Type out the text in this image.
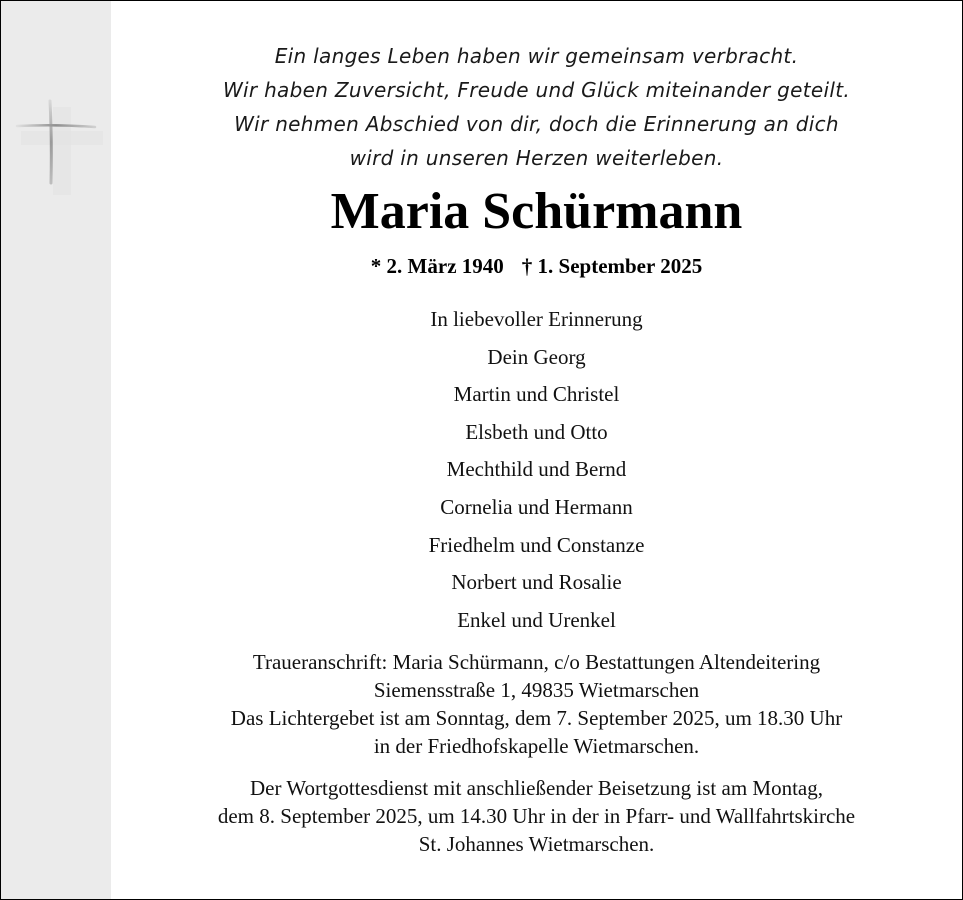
Ein langes Leben haben wir gemeinsam verbracht.
Wir haben Zuversicht, Freude und Glück miteinander geteilt.
Wir nehmen Abschied von dir, doch die Erinnerung an dich
wird in unseren Herzen weiterleben.
Maria Schürmann
* 2. März 1940 † 1. September 2025
In liebevoller Erinnerung
Dein Georg
Martin und Christel
Elsbeth und Otto
Mechthild und Bernd
Cornelia und Hermann
Friedhelm und Constanze
Norbert und Rosalie
Enkel und Urenkel
Traueranschrift: Maria Schürmann, c/o Bestattungen Altendeitering
Siemensstraße 1, 49835 Wietmarschen
Das Lichtergebet ist am Sonntag, dem 7. September 2025, um 18.30 Uhr
in der Friedhofskapelle Wietmarschen.
Der Wortgottesdienst mit anschließender Beisetzung ist am Montag,
dem 8. September 2025, um 14.30 Uhr in der in Pfarr- und Wallfahrtskirche
St. Johannes Wietmarschen.
